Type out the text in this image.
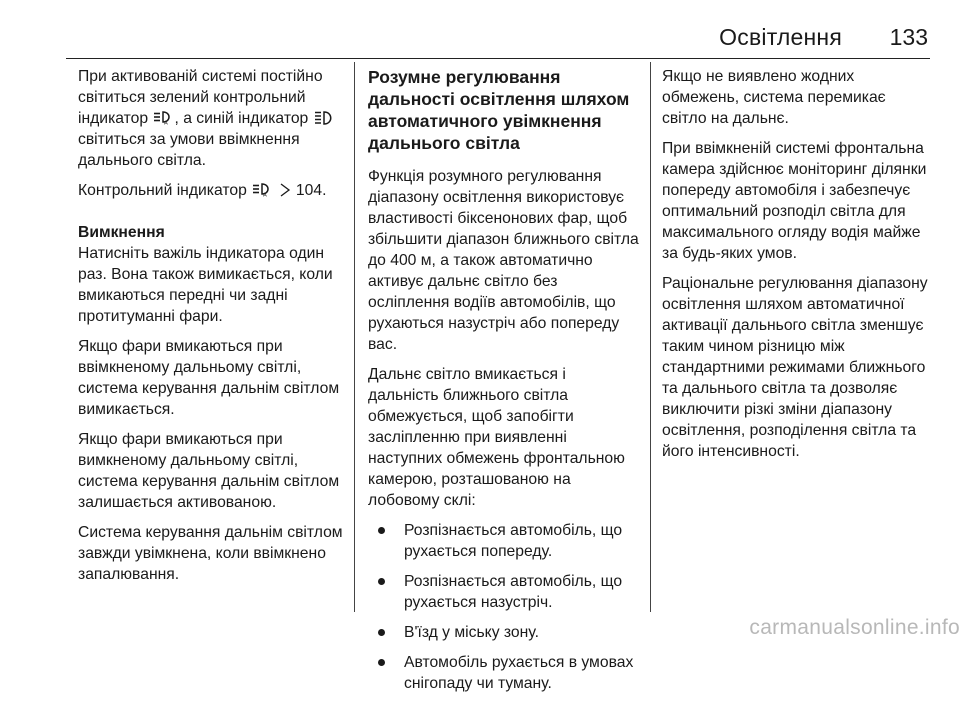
Освітлення 133

При активованій системі постійно світиться зелений контрольний індикатор	A , а синій індикатор  світиться за умови ввімкнення дальнього світла.

Контрольний індикатор	A 104.

Вимкнення

Натисніть важіль індикатора один раз. Вона також вимикається, коли вмикаються передні чи задні протитуманні фари.

Якщо фари вмикаються при ввімкненому дальньому світлі, система керування дальнім світлом вимикається.

Якщо фари вмикаються при вимкненому дальньому світлі, система керування дальнім світлом залишається активованою.

Система керування дальнім світлом завжди увімкнена, коли ввімкнено запалювання.

Розумне регулювання дальності освітлення шляхом автоматичного увімкнення дальнього світла

Функція розумного регулювання діапазону освітлення використовує властивості біксенонових фар, щоб збільшити діапазон ближнього світла до 400 м, а також автоматично активує дальнє світло без осліплення водіїв автомобілів, що рухаються назустріч або попереду вас.

Дальнє світло вмикається і дальність ближнього світла обмежується, щоб запобігти засліпленню при виявленні наступних обмежень фронтальною камерою, розташованою на лобовому склі:

Розпізнається автомобіль, що рухається попереду.
Розпізнається автомобіль, що рухається назустріч.
В'їзд у міську зону.
Автомобіль рухається в умовах снігопаду чи туману.

Якщо не виявлено жодних обмежень, система перемикає світло на дальнє.

При ввімкненій системі фронтальна камера здійснює моніторинг ділянки попереду автомобіля і забезпечує оптимальний розподіл світла для максимального огляду водія майже за будь-яких умов.

Раціональне регулювання діапазону освітлення шляхом автоматичної активації дальнього світла зменшує таким чином різницю між стандартними режимами ближнього та дальнього світла та дозволяє виключити різкі зміни діапазону освітлення, розподілення світла та його інтенсивності.

carmanualsonline.info
